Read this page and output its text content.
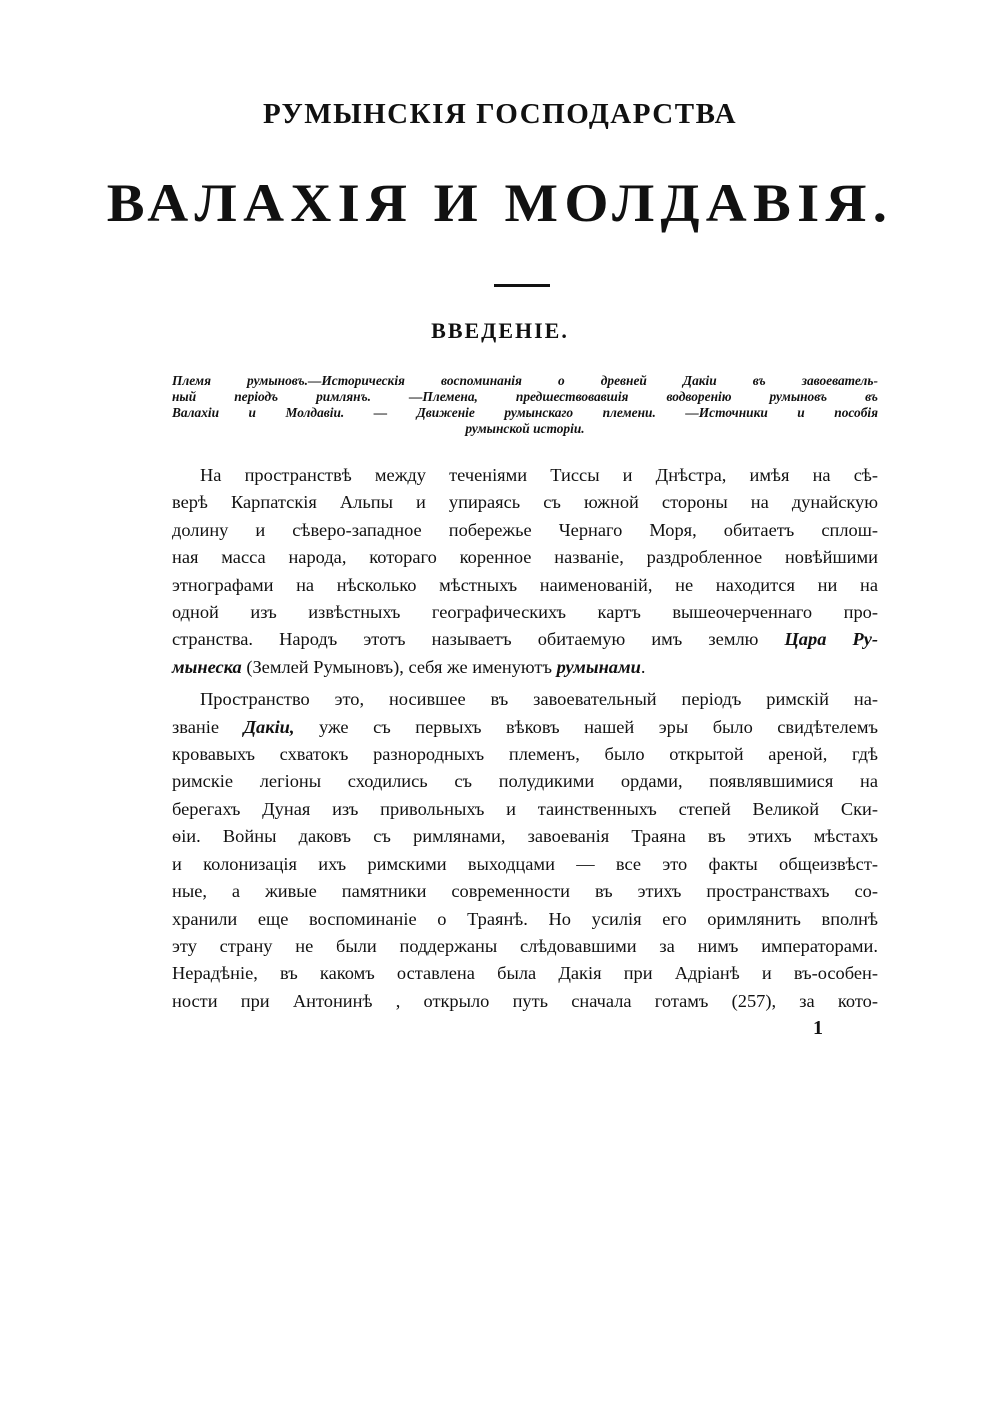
РУМЫНСКІЯ ГОСПОДАРСТВА
ВАЛАХІЯ И МОЛДАВІЯ.
ВВЕДЕНІЕ.
Племя румыновъ.—Историческія воспоминанія о древней Дакіи въ завоеватель-
ный періодъ римлянъ. —Племена, предшествовавшія водворенію румыновъ въ
Валахіи и Молдавіи. — Движеніе румынскаго племени. —Источники и пособія
румынской исторіи.
На пространствѣ между теченіями Тиссы и Днѣстра, имѣя на сѣ-
верѣ Карпатскія Альпы и упираясь съ южной стороны на дунайскую
долину и сѣверо-западное побережье Чернаго Моря, обитаетъ сплош-
ная масса народа, котораго коренное названіе, раздробленное новѣйшими
этнографами на нѣсколько мѣстныхъ наименованій, не находится ни на
одной изъ извѣстныхъ географическихъ картъ вышеочерченнаго про-
странства. Народъ этотъ называетъ обитаемую имъ землю Цара Ру-
мынеска (Землей Румыновъ), себя же именуютъ румынами.
Пространство это, носившее въ завоевательный періодъ римскій на-
званіе Дакіи, уже съ первыхъ вѣковъ нашей эры было свидѣтелемъ
кровавыхъ схватокъ разнородныхъ племенъ, было открытой ареной, гдѣ
римскіе легіоны сходились съ полудикими ордами, появлявшимися на
берегахъ Дуная изъ привольныхъ и таинственныхъ степей Великой Ски-
ѳіи. Войны даковъ съ римлянами, завоеванія Траяна въ этихъ мѣстахъ
и колонизація ихъ римскими выходцами — все это факты общеизвѣст-
ные, а живые памятники современности въ этихъ пространствахъ со-
хранили еще воспоминаніе о Траянѣ. Но усилія его оримлянить вполнѣ
эту страну не были поддержаны слѣдовавшими за нимъ императорами.
Нерадѣніе, въ какомъ оставлена была Дакія при Адріанѣ и въ-особен-
ности при Антонинѣ , открыло путь сначала готамъ (257), за кото-
1
